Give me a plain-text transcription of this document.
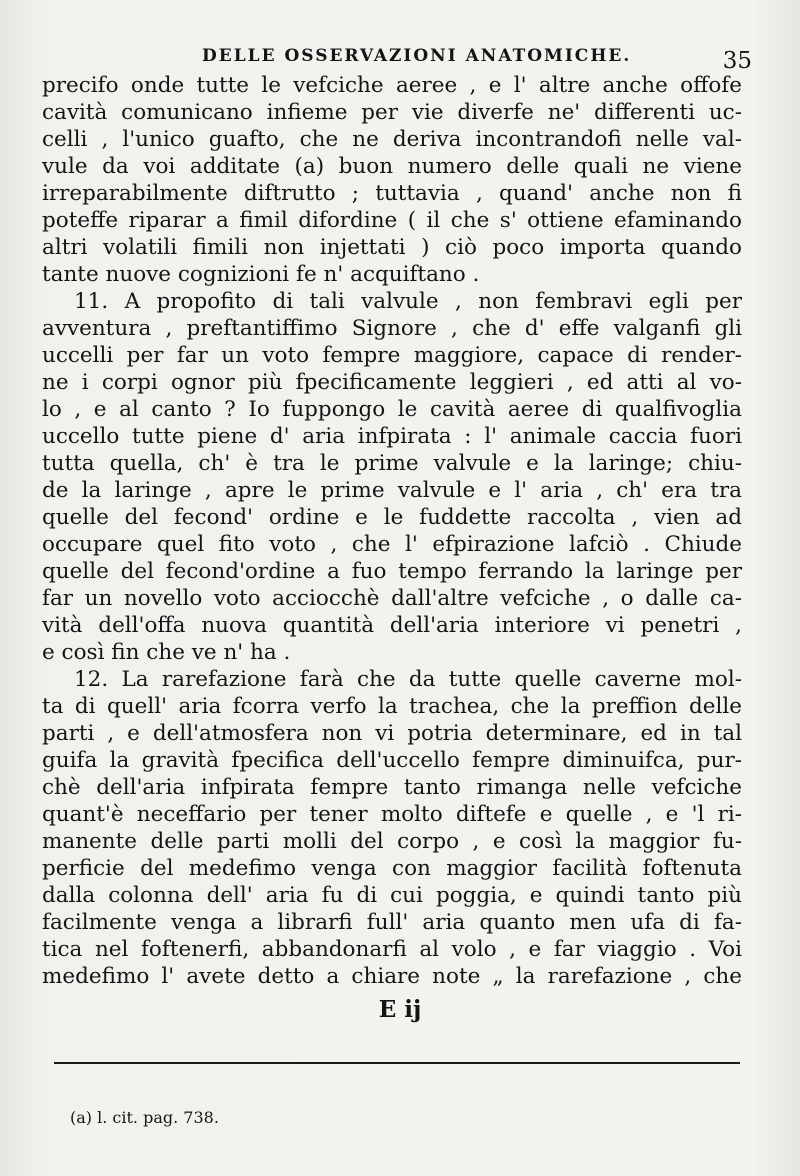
DELLE OSSERVAZIONI ANATOMICHE.	35
precifo onde tutte le vefciche aeree , e l' altre anche offofe
cavità comunicano infieme per vie diverfe ne' differenti uc-
celli , l'unico guafto, che ne deriva incontrandofi nelle val-
vule da voi additate (a) buon numero delle quali ne viene
irreparabilmente diftrutto ; tuttavia , quand' anche non fi
poteffe riparar a fimil difordine ( il che s' ottiene efaminando
altri volatili fimili non injettati ) ciò poco importa quando
tante nuove cognizioni fe n' acquiftano .
11. A propofito di tali valvule , non fembravi egli per
avventura , preftantiffimo Signore , che d' effe valganfi gli
uccelli per far un voto fempre maggiore, capace di render-
ne i corpi ognor più fpecificamente leggieri , ed atti al vo-
lo , e al canto ? Io fuppongo le cavità aeree di qualfivoglia
uccello tutte piene d' aria infpirata : l' animale caccia fuori
tutta quella, ch' è tra le prime valvule e la laringe; chiu-
de la laringe , apre le prime valvule e l' aria , ch' era tra
quelle del fecond' ordine e le fuddette raccolta , vien ad
occupare quel fito voto , che l' efpirazione lafciò . Chiude
quelle del fecond'ordine a fuo tempo ferrando la laringe per
far un novello voto acciocchè dall'altre vefciche , o dalle ca-
vità dell'offa nuova quantità dell'aria interiore vi penetri ,
e così fin che ve n' ha .
12. La rarefazione farà che da tutte quelle caverne mol-
ta di quell' aria fcorra verfo la trachea, che la preffion delle
parti , e dell'atmosfera non vi potria determinare, ed in tal
guifa la gravità fpecifica dell'uccello fempre diminuifca, pur-
chè dell'aria infpirata fempre tanto rimanga nelle vefciche
quant'è neceffario per tener molto diftefe e quelle , e 'l ri-
manente delle parti molli del corpo , e così la maggior fu-
perficie del medefimo venga con maggior facilità foftenuta
dalla colonna dell' aria fu di cui poggia, e quindi tanto più
facilmente venga a librarfi full' aria quanto men ufa di fa-
tica nel foftenerfi, abbandonarfi al volo , e far viaggio . Voi
medefimo l' avete detto a chiare note „ la rarefazione , che
E ij
(a) l. cit. pag. 738.
